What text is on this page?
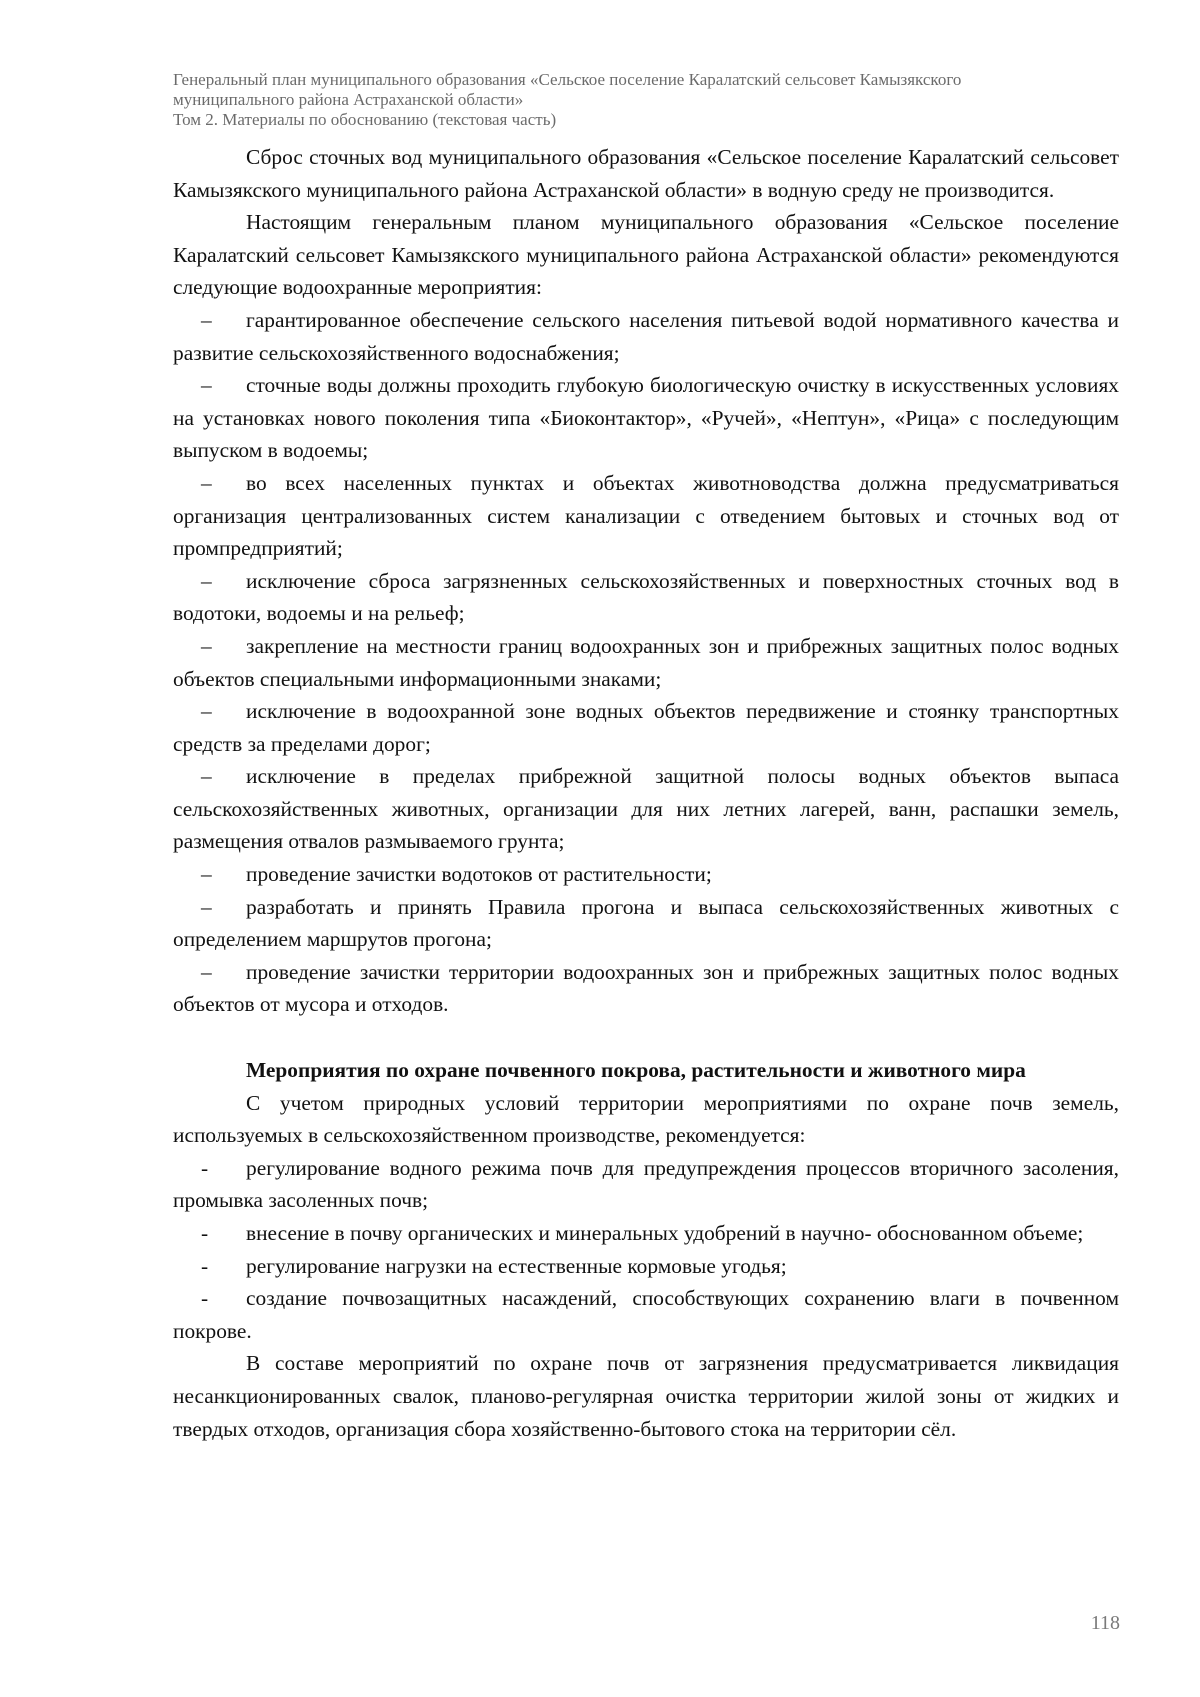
Генеральный план муниципального образования «Сельское поселение Каралатский сельсовет Камызякского
муниципального района Астраханской области»
Том 2. Материалы по обоснованию (текстовая часть)

Сброс сточных вод муниципального образования «Сельское поселение Каралатский сельсовет Камызякского муниципального района Астраханской области» в водную среду не производится.

Настоящим генеральным планом муниципального образования «Сельское поселение Каралатский сельсовет Камызякского муниципального района Астраханской области» рекомендуются следующие водоохранные мероприятия:

– гарантированное обеспечение сельского населения питьевой водой нормативного качества и развитие сельскохозяйственного водоснабжения;

– сточные воды должны проходить глубокую биологическую очистку в искусственных условиях на установках нового поколения типа «Биоконтактор», «Ручей», «Нептун», «Рица» с последующим выпуском в водоемы;

– во всех населенных пунктах и объектах животноводства должна предусматриваться организация централизованных систем канализации с отведением бытовых и сточных вод от промпредприятий;

– исключение сброса загрязненных сельскохозяйственных и поверхностных сточных вод в водотоки, водоемы и на рельеф;

– закрепление на местности границ водоохранных зон и прибрежных защитных полос водных объектов специальными информационными знаками;

– исключение в водоохранной зоне водных объектов передвижение и стоянку транспортных средств за пределами дорог;

– исключение в пределах прибрежной защитной полосы водных объектов выпаса сельскохозяйственных животных, организации для них летних лагерей, ванн, распашки земель, размещения отвалов размываемого грунта;

– проведение зачистки водотоков от растительности;

– разработать и принять Правила прогона и выпаса сельскохозяйственных животных с определением маршрутов прогона;

– проведение зачистки территории водоохранных зон и прибрежных защитных полос водных объектов от мусора и отходов.

Мероприятия по охране почвенного покрова, растительности и животного мира

С учетом природных условий территории мероприятиями по охране почв земель, используемых в сельскохозяйственном производстве, рекомендуется:

- регулирование водного режима почв для предупреждения процессов вторичного засоления, промывка засоленных почв;

- внесение в почву органических и минеральных удобрений в научно- обоснованном объеме;

- регулирование нагрузки на естественные кормовые угодья;

- создание почвозащитных насаждений, способствующих сохранению влаги в почвенном покрове.

В составе мероприятий по охране почв от загрязнения предусматривается ликвидация несанкционированных свалок, планово-регулярная очистка территории жилой зоны от жидких и твердых отходов, организация сбора хозяйственно-бытового стока на территории сёл.

118
